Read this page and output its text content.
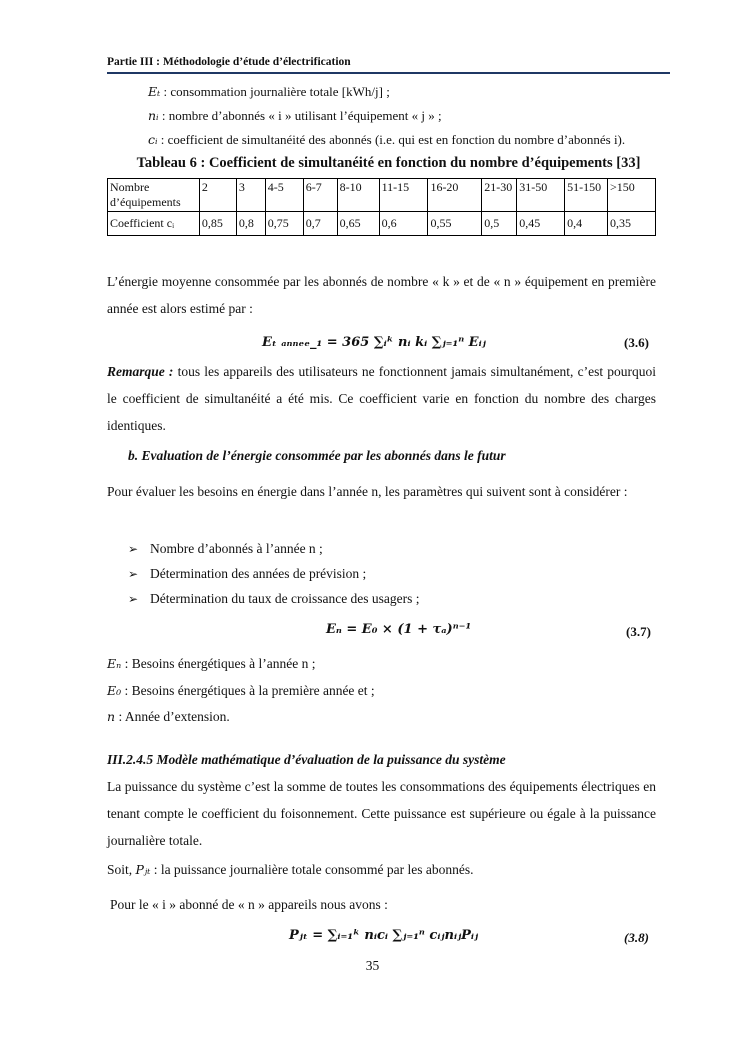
Partie III : Méthodologie d’étude d’électrification
Eₜ : consommation journalière totale [kWh/j] ;
nᵢ : nombre d’abonnés « i » utilisant l’équipement « j » ;
cᵢ : coefficient de simultanéité des abonnés (i.e. qui est en fonction du nombre d’abonnés i).
Tableau 6 : Coefficient de simultanéité en fonction du nombre d’équipements [33]
Nombre d’équipements	2	3	4-5	6-7	8-10	11-15	16-20	21-30	31-50	51-150	>150
Coefficient cᵢ	0,85	0,8	0,75	0,7	0,65	0,6	0,55	0,5	0,45	0,4	0,35
L’énergie moyenne consommée par les abonnés de nombre « k » et de « n » équipement en première année est alors estimé par :
Eₜ ₐₙₙₑₑ_₁ = 365 ∑ᵢᵏ nᵢ kᵢ ∑ⱼ₌₁ⁿ Eᵢⱼ	(3.6)
Remarque : tous les appareils des utilisateurs ne fonctionnent jamais simultanément, c’est pourquoi le coefficient de simultanéité a été mis. Ce coefficient varie en fonction du nombre des charges identiques.
b. Evaluation de l’énergie consommée par les abonnés dans le futur
Pour évaluer les besoins en énergie dans l’année n, les paramètres qui suivent sont à considérer :
➢ Nombre d’abonnés à l’année n ;
➢ Détermination des années de prévision ;
➢ Détermination du taux de croissance des usagers ;
Eₙ = E₀ × (1 + τₐ)ⁿ⁻¹	(3.7)
Eₙ : Besoins énergétiques à l’année n ;
E₀ : Besoins énergétiques à la première année et ;
n : Année d’extension.
III.2.4.5 Modèle mathématique d’évaluation de la puissance du système
La puissance du système c’est la somme de toutes les consommations des équipements électriques en tenant compte le coefficient du foisonnement. Cette puissance est supérieure ou égale à la puissance journalière totale.
Soit, Pⱼₜ : la puissance journalière totale consommé par les abonnés.
Pour le « i » abonné de « n » appareils nous avons :
Pⱼₜ = ∑ᵢ₌₁ᵏ nᵢcᵢ ∑ⱼ₌₁ⁿ cᵢⱼnᵢⱼPᵢⱼ	(3.8)
35
